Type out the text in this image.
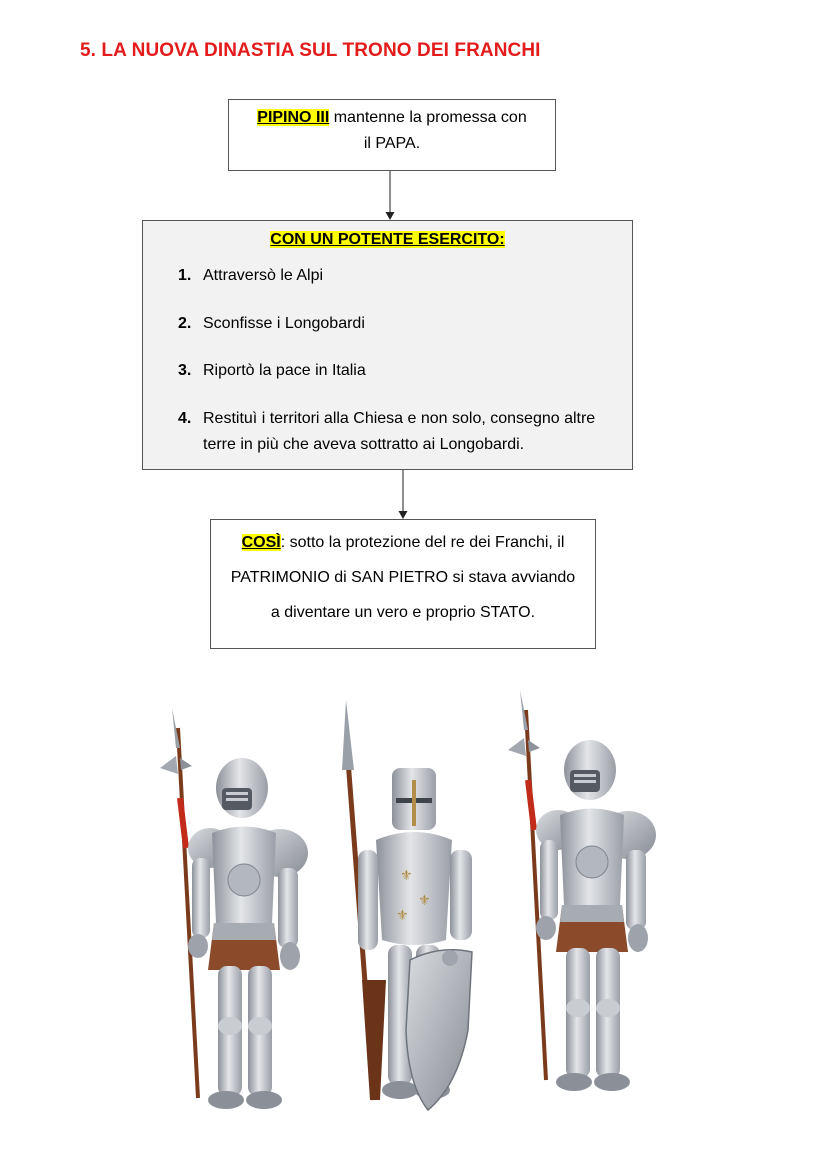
5. LA NUOVA DINASTIA SUL TRONO DEI FRANCHI
PIPINO III mantenne la promessa con
il PAPA.
CON UN POTENTE ESERCITO:
1. Attraversò le Alpi
2. Sconfisse i Longobardi
3. Riportò la pace in Italia
4. Restituì i territori alla Chiesa e non solo, consegno altre terre in più che aveva sottratto ai Longobardi.
COSÌ: sotto la protezione del re dei Franchi, il
PATRIMONIO di SAN PIETRO si stava avviando
a diventare un vero e proprio STATO.
⚜
⚜
⚜
